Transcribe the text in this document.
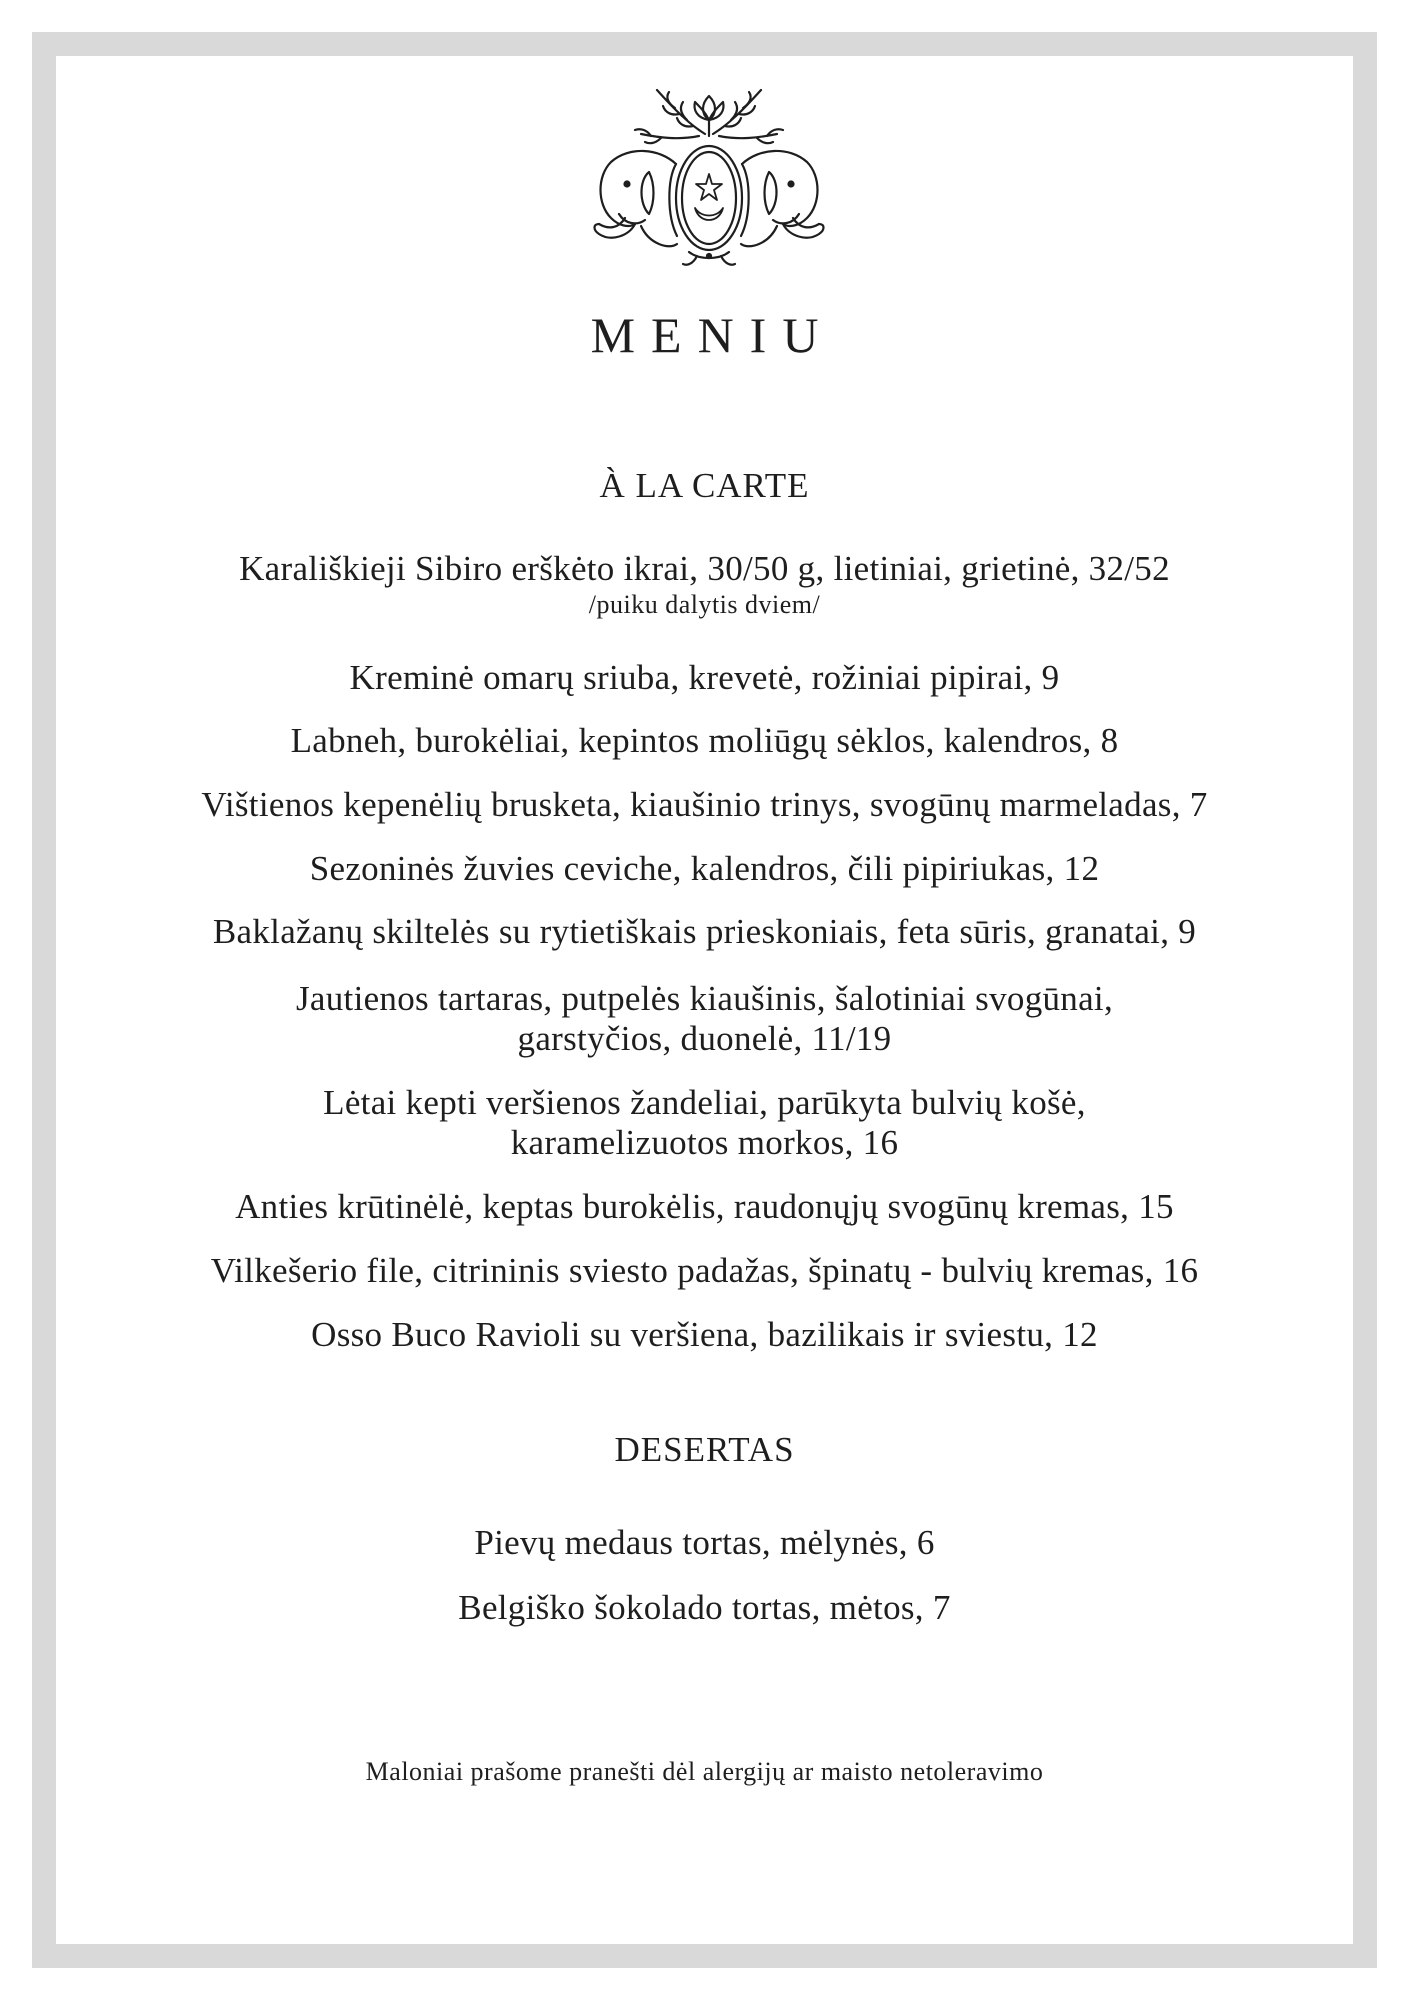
MENIU
À LA CARTE
Karališkieji Sibiro erškėto ikrai, 30/50 g, lietiniai, grietinė, 32/52
/puiku dalytis dviem/
Kreminė omarų sriuba, krevetė, rožiniai pipirai, 9
Labneh, burokėliai, kepintos moliūgų sėklos, kalendros, 8
Vištienos kepenėlių brusketa, kiaušinio trinys, svogūnų marmeladas, 7
Sezoninės žuvies ceviche, kalendros, čili pipiriukas, 12
Baklažanų skiltelės su rytietiškais prieskoniais, feta sūris, granatai, 9
Jautienos tartaras, putpelės kiaušinis, šalotiniai svogūnai,
garstyčios, duonelė, 11/19
Lėtai kepti veršienos žandeliai, parūkyta bulvių košė,
karamelizuotos morkos, 16
Anties krūtinėlė, keptas burokėlis, raudonųjų svogūnų kremas, 15
Vilkešerio file, citrininis sviesto padažas, špinatų - bulvių kremas, 16
Osso Buco Ravioli su veršiena, bazilikais ir sviestu, 12
DESERTAS
Pievų medaus tortas, mėlynės, 6
Belgiško šokolado tortas, mėtos, 7
Maloniai prašome pranešti dėl alergijų ar maisto netoleravimo
